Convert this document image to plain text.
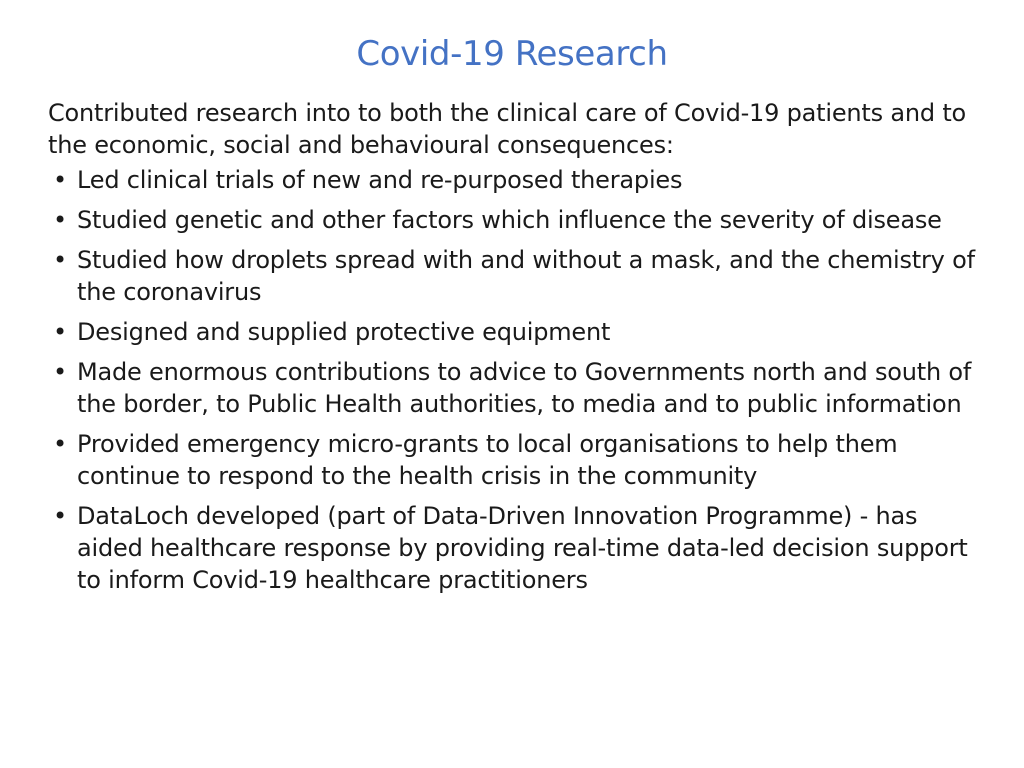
Covid-19 Research

Contributed research into to both the clinical care of Covid-19 patients and to the economic, social and behavioural consequences:

• Led clinical trials of new and re-purposed therapies
• Studied genetic and other factors which influence the severity of disease
• Studied how droplets spread with and without a mask, and the chemistry of the coronavirus
• Designed and supplied protective equipment
• Made enormous contributions to advice to Governments north and south of the border, to Public Health authorities, to media and to public information
• Provided emergency micro-grants to local organisations to help them continue to respond to the health crisis in the community
• DataLoch developed (part of Data-Driven Innovation Programme) - has aided healthcare response by providing real-time data-led decision support to inform Covid-19 healthcare practitioners
